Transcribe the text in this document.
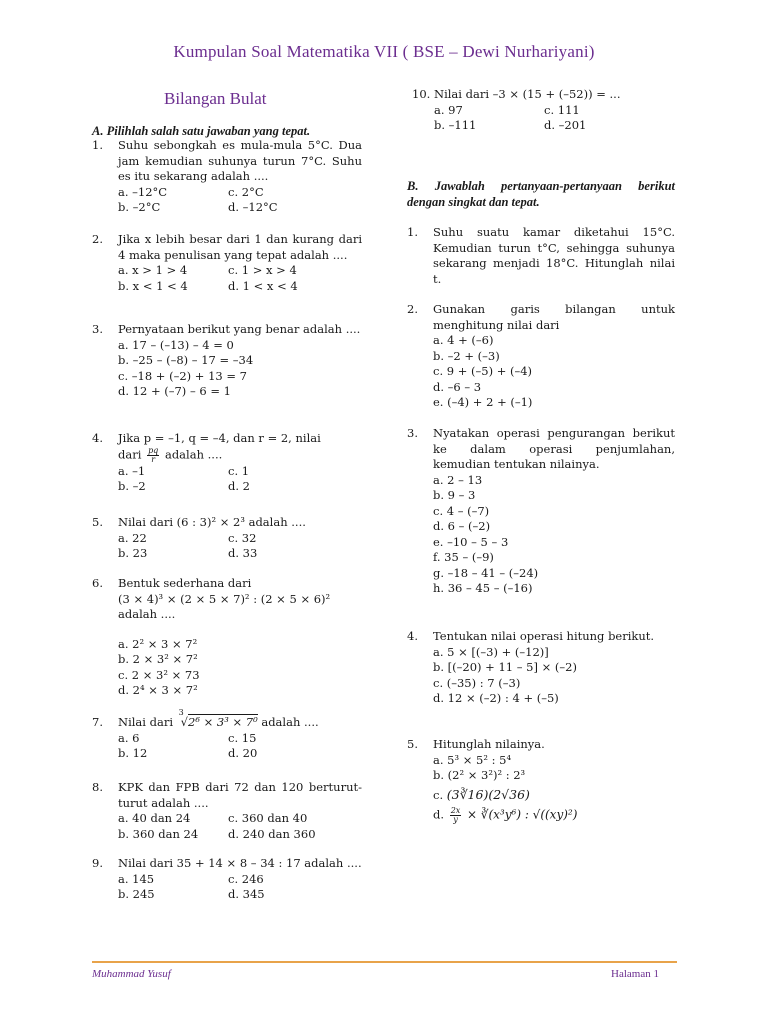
Kumpulan Soal Matematika VII ( BSE – Dewi Nurhariyani)
Bilangan Bulat
A. Pilihlah salah satu jawaban yang tepat.
1. Suhu sebongkah es mula-mula 5°C. Dua jam kemudian suhunya turun 7°C. Suhu es itu sekarang adalah ....
a. –12°C	c. 2°C
b. –2°C	d. –12°C
2. Jika x lebih besar dari 1 dan kurang dari 4 maka penulisan yang tepat adalah ....
a. x > 1 > 4	c. 1 > x > 4
b. x < 1 < 4	d. 1 < x < 4
3. Pernyataan berikut yang benar adalah ....
a. 17 – (–13) – 4 = 0
b. –25 – (–8) – 17 = –34
c. –18 + (–2) + 13 = 7
d. 12 + (–7) – 6 = 1
4. Jika p = –1, q = –4, dan r = 2, nilai
dari $\frac{pq}{r}$ adalah ....
a. –1	c. 1
b. –2	d. 2
5. Nilai dari (6 : 3)² × 2³ adalah ....
a. 22	c. 32
b. 23	d. 33
6. Bentuk sederhana dari
(3 × 4)³ × (2 × 5 × 7)² : (2 × 5 × 6)²
adalah ....
a. 2² × 3 × 7²
b. 2 × 3² × 7²
c. 2 × 3² × 73
d. 2⁴ × 3 × 7²
7. Nilai dari
3
√2⁶ × 3³ × 7⁰ adalah ....
a. 6	c. 15
b. 12	d. 20
8. KPK dan FPB dari 72 dan 120 berturut- turut adalah ....
a. 40 dan 24	c. 360 dan 40
b. 360 dan 24	d. 240 dan 360
9. Nilai dari 35 + 14 × 8 – 34 : 17 adalah ....
a. 145	c. 246
b. 245	d. 345
10. Nilai dari –3 × (15 + (–52)) = ...
a. 97	c. 111
b. –111	d. –201
B. Jawablah pertanyaan-pertanyaan berikut dengan singkat dan tepat.
1. Suhu suatu kamar diketahui 15°C. Kemudian turun t°C, sehingga suhunya sekarang menjadi 18°C. Hitunglah nilai t.
2. Gunakan garis bilangan untuk menghitung nilai dari
a. 4 + (–6)
b. –2 + (–3)
c. 9 + (–5) + (–4)
d. –6 – 3
e. (–4) + 2 + (–1)
3. Nyatakan operasi pengurangan berikut ke dalam operasi penjumlahan, kemudian tentukan nilainya.
a. 2 – 13
b. 9 – 3
c. 4 – (–7)
d. 6 – (–2)
e. –10 – 5 – 3
f. 35 – (–9)
g. –18 – 41 – (–24)
h. 36 – 45 – (–16)
4. Tentukan nilai operasi hitung berikut.
a. 5 × [(–3) + (–12)]
b. [(–20) + 11 – 5] × (–2)
c. (–35) : 7 (–3)
d. 12 × (–2) : 4 + (–5)
5. Hitunglah nilainya.
a. 5³ × 5² : 5⁴
b. (2² × 3²)² : 2³
c. (3∛16)(2√36)
d. $\frac{2x}{y}$ × ∛(x³y⁶) : √((xy)²)
Muhammad Yusuf	Halaman 1
